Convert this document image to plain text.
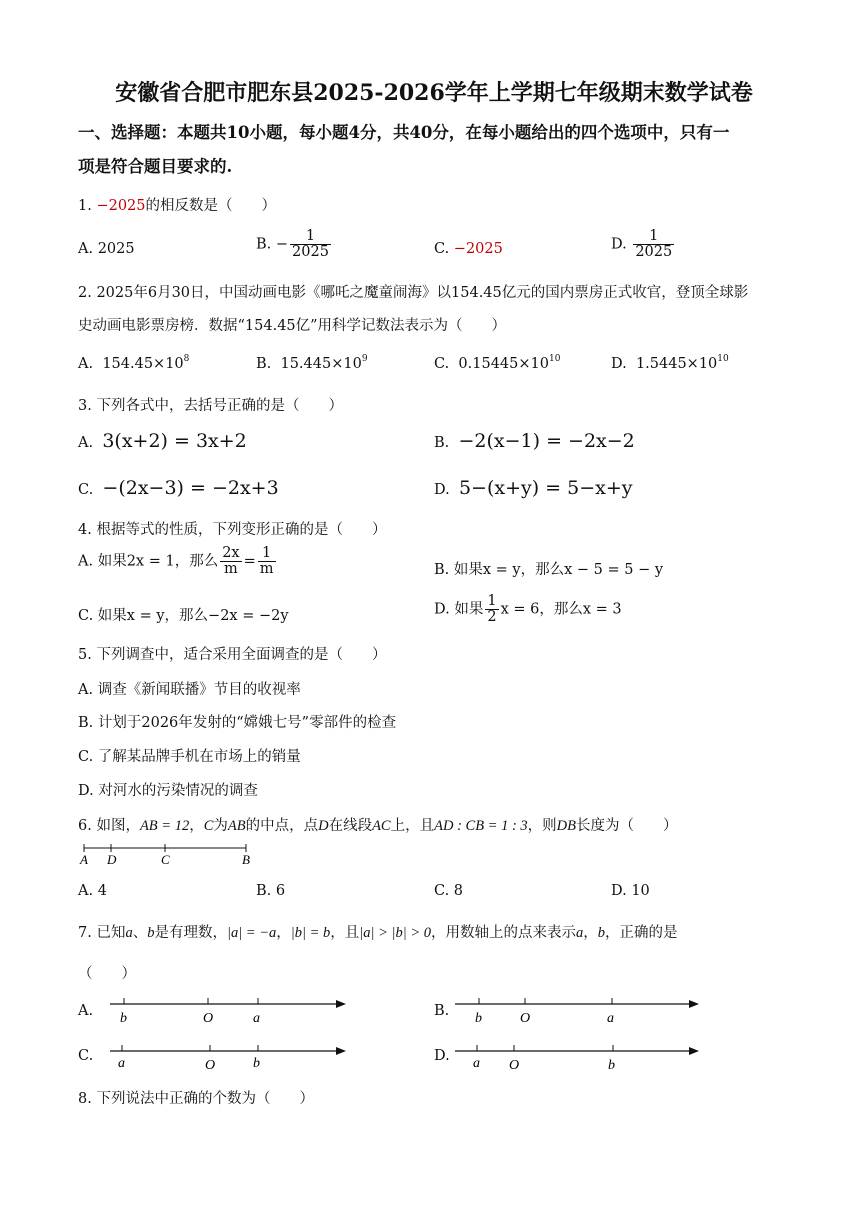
安徽省合肥市肥东县2025-2026学年上学期七年级期末数学试卷
一、选择题：本题共10小题，每小题4分，共40分，在每小题给出的四个选项中，只有一
项是符合题目要求的.
1. −2025的相反数是（　　）
A. 2025	B. − $\frac{1}{2025}$	C. −2025	D. $\frac{1}{2025}$
2. 2025年6月30日，中国动画电影《哪吒之魔童闹海》以154.45亿元的国内票房正式收官，登顶全球影
史动画电影票房榜．数据“154.45亿”用科学记数法表示为（　　）
A. $154.45\times 10^8$	B. $15.445\times 10^9$	C. $0.15445\times 10^{10}$	D. $1.5445\times 10^{10}$
3. 下列各式中，去括号正确的是（　　）
A. 3(x+2) = 3x+2	B. −2(x−1) = −2x−2
C. −(2x−3) = −2x+3	D. 5−(x+y) = 5−x+y
4. 根据等式的性质，下列变形正确的是（　　）
A. 如果2x = 1，那么 $\frac{2x}{m} = \frac{1}{m}$	B. 如果x = y，那么x − 5 = 5 − y
C. 如果x = y，那么−2x = −2y	D. 如果 $\frac{1}{2}$ x = 6，那么x = 3
5. 下列调查中，适合采用全面调查的是（　　）
A. 调查《新闻联播》节目的收视率
B. 计划于2026年发射的“嫦娥七号”零部件的检查
C. 了解某品牌手机在市场上的销量
D. 对河水的污染情况的调查
6. 如图，AB = 12，C为AB的中点，点D在线段AC上，且AD : CB = 1 : 3，则DB长度为（　　）
A D	C	B
A. 4	B. 6	C. 8	D. 10
7. 已知a、b是有理数，|a| = −a，|b| = b，且|a| > |b| > 0，用数轴上的点来表示a，b，正确的是
（　　）
A. b	O	a	B. b	O	a
C. a	O	b	D. a O	b
8. 下列说法中正确的个数为（　　）
